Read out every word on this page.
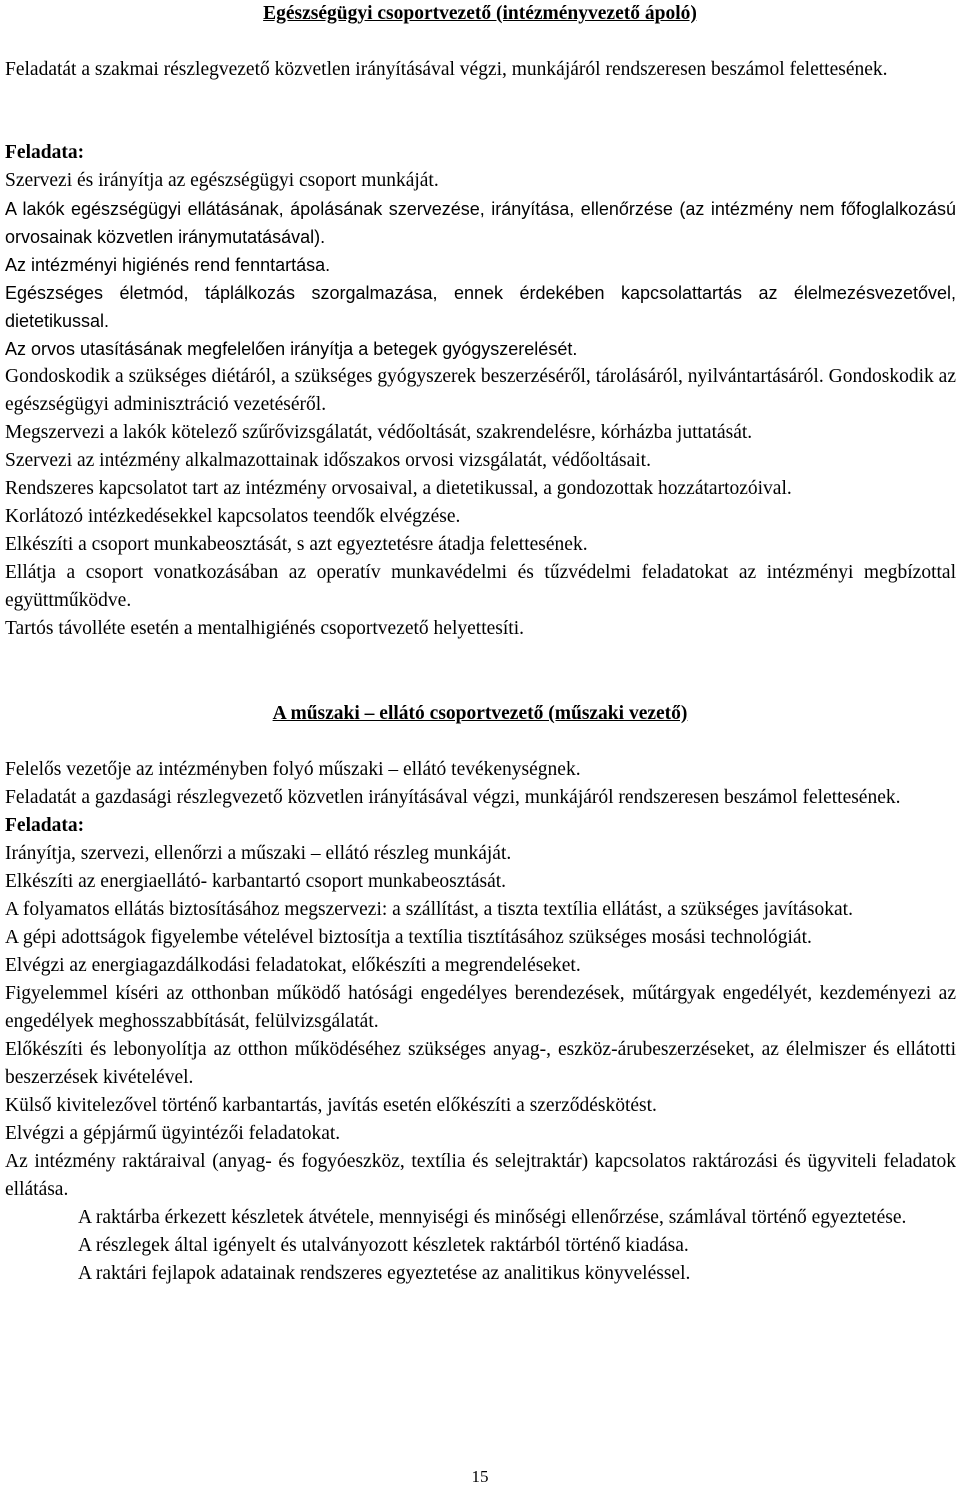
Egészségügyi csoportvezető (intézményvezető ápoló)

Feladatát a szakmai részlegvezető közvetlen irányításával végzi, munkájáról rendszeresen beszámol felettesének.

Feladata:

Szervezi és irányítja az egészségügyi csoport munkáját.

A lakók egészségügyi ellátásának, ápolásának szervezése, irányítása, ellenőrzése (az intézmény nem főfoglalkozású orvosainak közvetlen iránymutatásával).

Az intézményi higiénés rend fenntartása.

Egészséges életmód, táplálkozás szorgalmazása, ennek érdekében kapcsolattartás az élelmezésvezetővel, dietetikussal.

Az orvos utasításának megfelelően irányítja a betegek gyógyszerelését.

Gondoskodik a szükséges diétáról, a szükséges gyógyszerek beszerzéséről, tárolásáról, nyilvántartásáról. Gondoskodik az egészségügyi adminisztráció vezetéséről.

Megszervezi a lakók kötelező szűrővizsgálatát, védőoltását, szakrendelésre, kórházba juttatását.

Szervezi az intézmény alkalmazottainak időszakos orvosi vizsgálatát, védőoltásait.

Rendszeres kapcsolatot tart az intézmény orvosaival, a dietetikussal, a gondozottak hozzátartozóival.

Korlátozó intézkedésekkel kapcsolatos teendők elvégzése.

Elkészíti a csoport munkabeosztását, s azt egyeztetésre átadja felettesének.

Ellátja a csoport vonatkozásában az operatív munkavédelmi és tűzvédelmi feladatokat az intézményi megbízottal együttműködve.

Tartós távolléte esetén a mentalhigiénés csoportvezető helyettesíti.

A műszaki – ellátó csoportvezető (műszaki vezető)

Felelős vezetője az intézményben folyó műszaki – ellátó tevékenységnek.

Feladatát a gazdasági részlegvezető közvetlen irányításával végzi, munkájáról rendszeresen beszámol felettesének.

Feladata:

Irányítja, szervezi, ellenőrzi a műszaki – ellátó részleg munkáját.

Elkészíti az energiaellátó- karbantartó csoport munkabeosztását.

A folyamatos ellátás biztosításához megszervezi: a szállítást, a tiszta textília ellátást, a szükséges javításokat.

A gépi adottságok figyelembe vételével biztosítja a textília tisztításához szükséges mosási technológiát.

Elvégzi az energiagazdálkodási feladatokat, előkészíti a megrendeléseket.

Figyelemmel kíséri az otthonban működő hatósági engedélyes berendezések, műtárgyak engedélyét, kezdeményezi az engedélyek meghosszabbítását, felülvizsgálatát.

Előkészíti és lebonyolítja az otthon működéséhez szükséges anyag-, eszköz-árubeszerzéseket, az élelmiszer és ellátotti beszerzések kivételével.

Külső kivitelezővel történő karbantartás, javítás esetén előkészíti a szerződéskötést.

Elvégzi a gépjármű ügyintézői feladatokat.

Az intézmény raktáraival (anyag- és fogyóeszköz, textília és selejtraktár) kapcsolatos raktározási és ügyviteli feladatok ellátása.

A raktárba érkezett készletek átvétele, mennyiségi és minőségi ellenőrzése, számlával történő egyeztetése.

A részlegek által igényelt és utalványozott készletek raktárból történő kiadása.

A raktári fejlapok adatainak rendszeres egyeztetése az analitikus könyveléssel.

15
